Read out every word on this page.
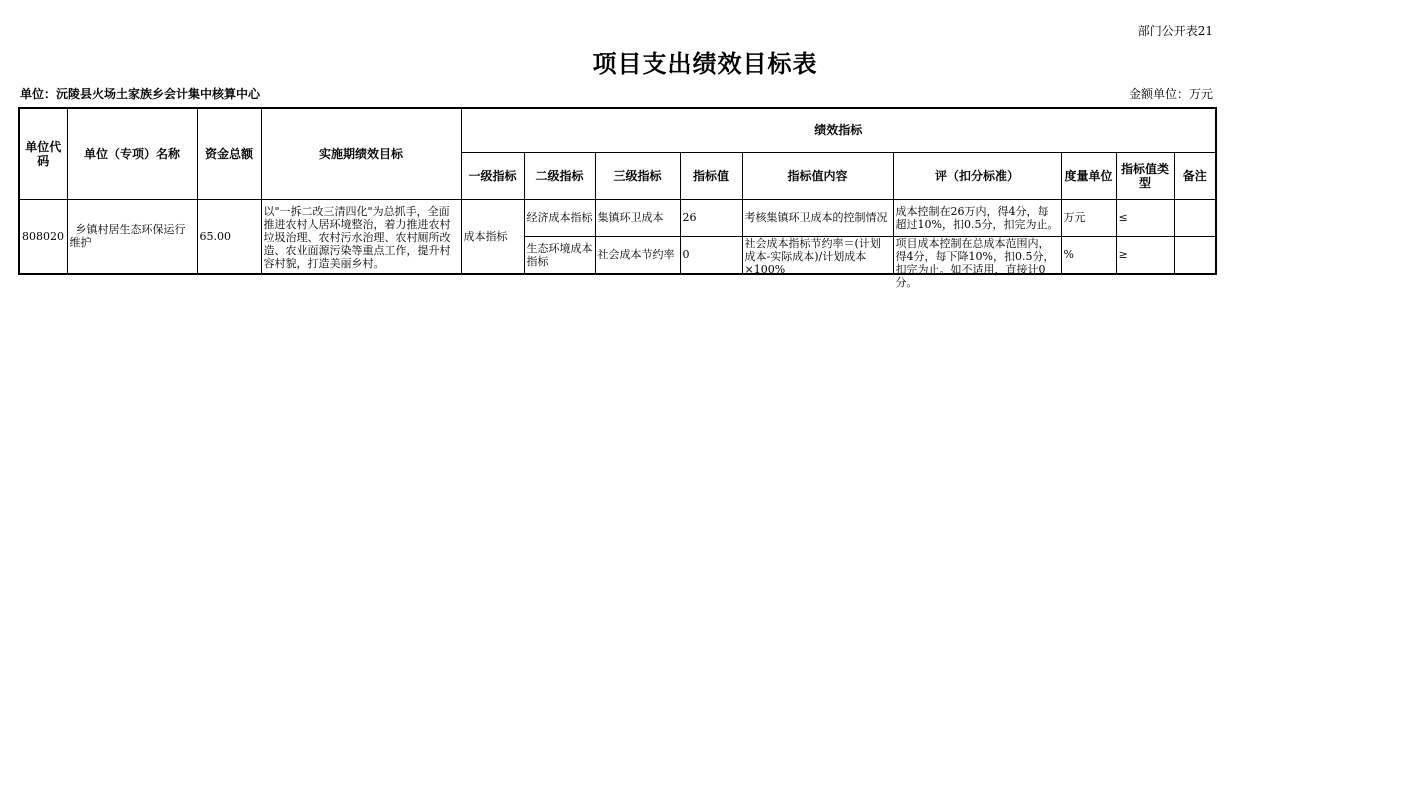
部门公开表21
项目支出绩效目标表
单位：沅陵县火场土家族乡会计集中核算中心	金额单位：万元
单位代码	单位（专项）名称	资金总额	实施期绩效目标	绩效指标								
				一级指标	二级指标	三级指标	指标值	指标值内容	评（扣分标准）	度量单位	指标值类型	备注
808020	乡镇村居生态环保运行维护	65.00	以"一拆二改三清四化"为总抓手，全面推进农村人居环境整治，着力推进农村垃圾治理、农村污水治理、农村厕所改造、农业面源污染等重点工作，提升村容村貌，打造美丽乡村。	成本指标	经济成本指标	集镇环卫成本	26	考核集镇环卫成本的控制情况	成本控制在26万内，得4分，每超过10%，扣0.5分，扣完为止。	万元	≤	
					生态环境成本指标	社会成本节约率	0	社会成本指标节约率＝(计划成本-实际成本)/计划成本×100%	项目成本控制在总成本范围内，得4分，每下降10%，扣0.5分，扣完为止。如不适用，直接计0分。	%	≥	
